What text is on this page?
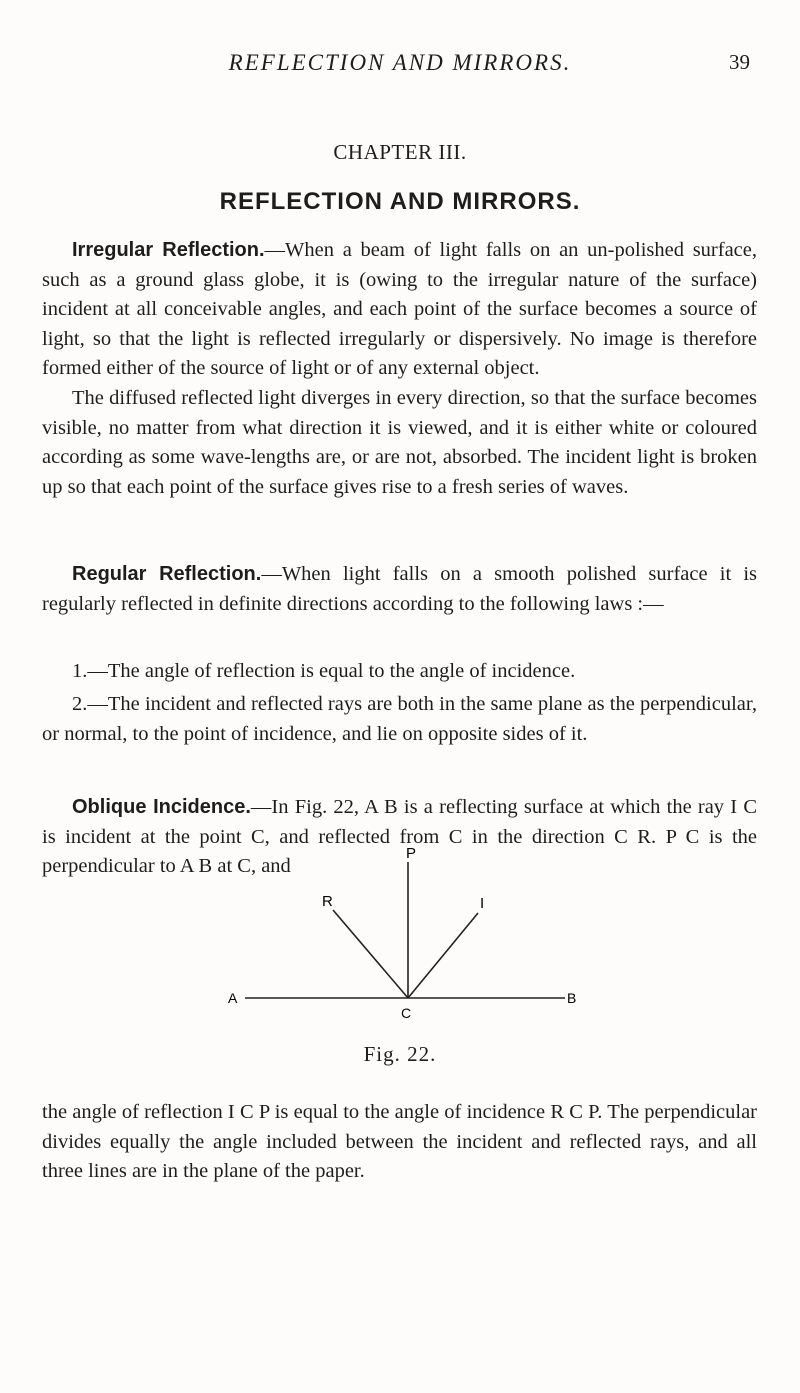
REFLECTION AND MIRRORS.	39
CHAPTER III.
REFLECTION AND MIRRORS.

Irregular Reflection.—When a beam of light falls on an un-polished surface, such as a ground glass globe, it is (owing to the irregular nature of the surface) incident at all conceivable angles, and each point of the surface becomes a source of light, so that the light is reflected irregularly or dispersively. No image is therefore formed either of the source of light or of any external object.

The diffused reflected light diverges in every direction, so that the surface becomes visible, no matter from what direction it is viewed, and it is either white or coloured according as some wave-lengths are, or are not, absorbed. The incident light is broken up so that each point of the surface gives rise to a fresh series of waves.

Regular Reflection.—When light falls on a smooth polished surface it is regularly reflected in definite directions according to the following laws :—

1.—The angle of reflection is equal to the angle of incidence.

2.—The incident and reflected rays are both in the same plane as the perpendicular, or normal, to the point of incidence, and lie on opposite sides of it.

Oblique Incidence.—In Fig. 22, A B is a reflecting surface at which the ray I C is incident at the point C, and reflected from C in the direction C R. P C is the perpendicular to A B at C, and

P
R	I
A	B
C
Fig. 22.

the angle of reflection I C P is equal to the angle of incidence R C P. The perpendicular divides equally the angle included between the incident and reflected rays, and all three lines are in the plane of the paper.
